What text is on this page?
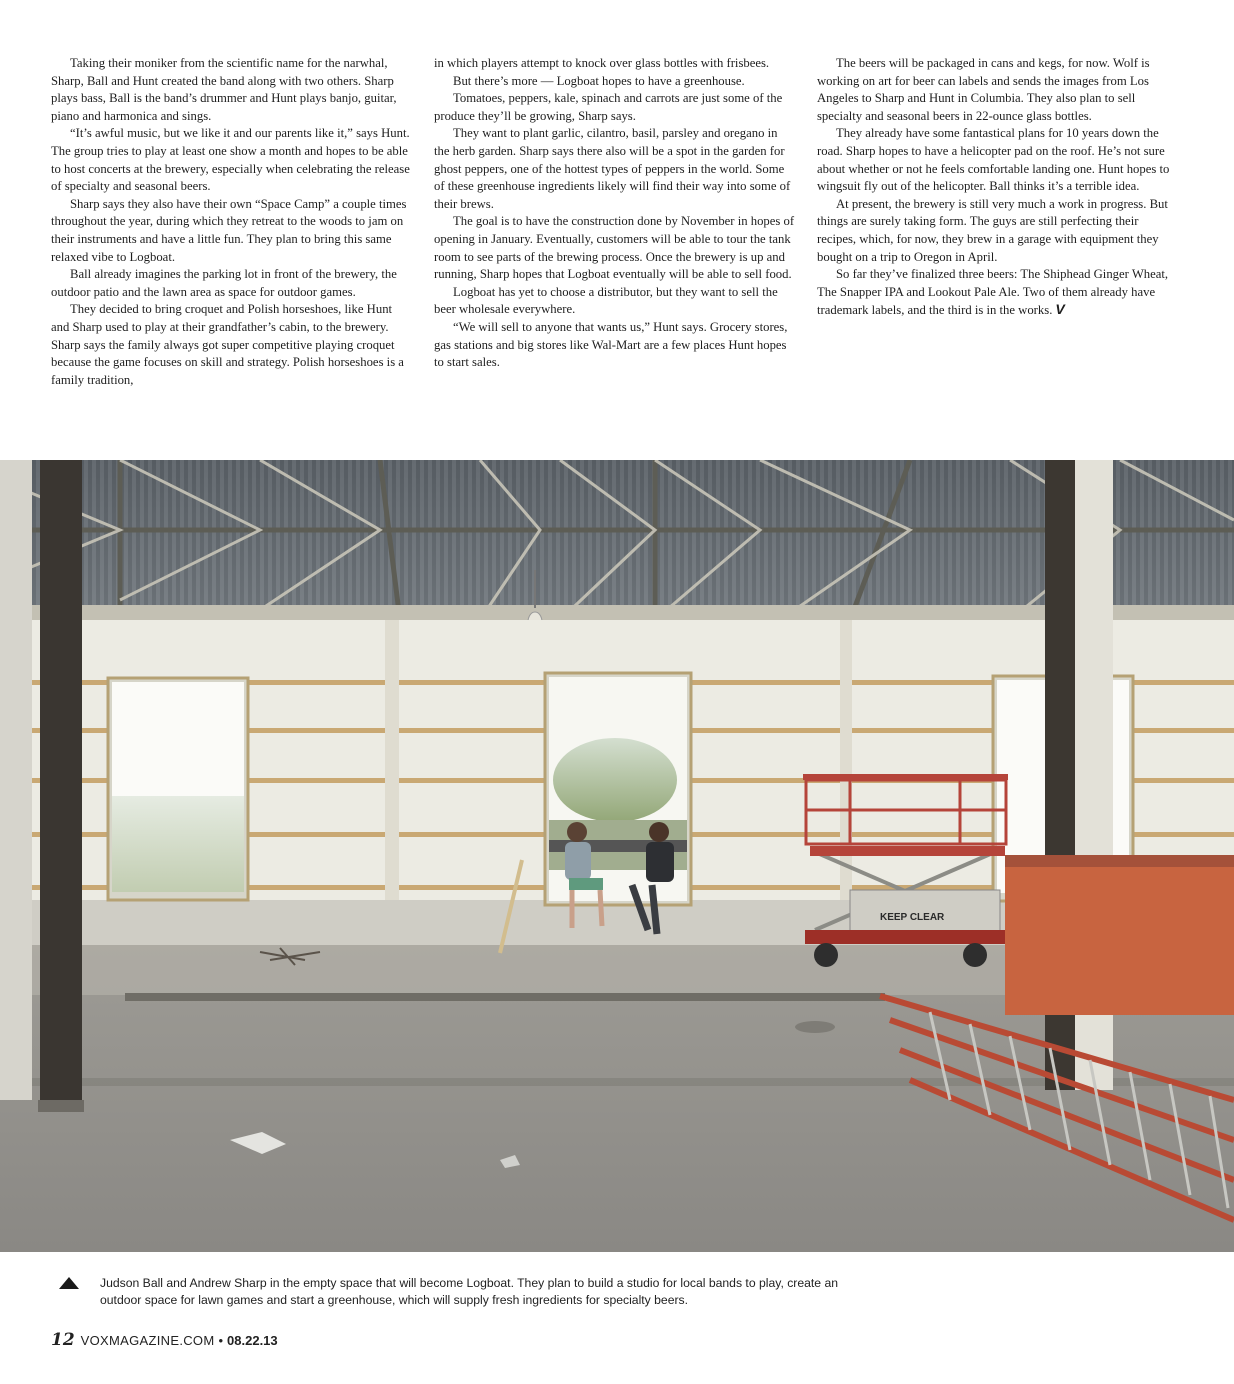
Taking their moniker from the scientific name for the narwhal, Sharp, Ball and Hunt created the band along with two others. Sharp plays bass, Ball is the band’s drummer and Hunt plays banjo, guitar, piano and harmonica and sings.

“It’s awful music, but we like it and our parents like it,” says Hunt. The group tries to play at least one show a month and hopes to be able to host concerts at the brewery, especially when celebrating the release of specialty and seasonal beers.

Sharp says they also have their own “Space Camp” a couple times throughout the year, during which they retreat to the woods to jam on their instruments and have a little fun. They plan to bring this same relaxed vibe to Logboat.

Ball already imagines the parking lot in front of the brewery, the outdoor patio and the lawn area as space for outdoor games.

They decided to bring croquet and Polish horseshoes, like Hunt and Sharp used to play at their grandfather’s cabin, to the brewery. Sharp says the family always got super competitive playing croquet because the game focuses on skill and strategy. Polish horseshoes is a family tradition,

in which players attempt to knock over glass bottles with frisbees.

But there’s more — Logboat hopes to have a greenhouse.

Tomatoes, peppers, kale, spinach and carrots are just some of the produce they’ll be growing, Sharp says.

They want to plant garlic, cilantro, basil, parsley and oregano in the herb garden. Sharp says there also will be a spot in the garden for ghost peppers, one of the hottest types of peppers in the world. Some of these greenhouse ingredients likely will find their way into some of their brews.

The goal is to have the construction done by November in hopes of opening in January. Eventually, customers will be able to tour the tank room to see parts of the brewing process. Once the brewery is up and running, Sharp hopes that Logboat eventually will be able to sell food.

Logboat has yet to choose a distributor, but they want to sell the beer wholesale everywhere.

“We will sell to anyone that wants us,” Hunt says. Grocery stores, gas stations and big stores like Wal-Mart are a few places Hunt hopes to start sales.

The beers will be packaged in cans and kegs, for now. Wolf is working on art for beer can labels and sends the images from Los Angeles to Sharp and Hunt in Columbia. They also plan to sell specialty and seasonal beers in 22-ounce glass bottles.

They already have some fantastical plans for 10 years down the road. Sharp hopes to have a helicopter pad on the roof. He’s not sure about whether or not he feels comfortable landing one. Hunt hopes to wingsuit fly out of the helicopter. Ball thinks it’s a terrible idea.

At present, the brewery is still very much a work in progress. But things are surely taking form. The guys are still perfecting their recipes, which, for now, they brew in a garage with equipment they bought on a trip to Oregon in April.

So far they’ve finalized three beers: The Shiphead Ginger Wheat, The Snapper IPA and Lookout Pale Ale. Two of them already have trademark labels, and the third is in the works. V

KEEP CLEAR
Judson Ball and Andrew Sharp in the empty space that will become Logboat. They plan to build a studio for local bands to play, create an outdoor space for lawn games and start a greenhouse, which will supply fresh ingredients for specialty beers.
12 VOXMAGAZINE.COM • 08.22.13
